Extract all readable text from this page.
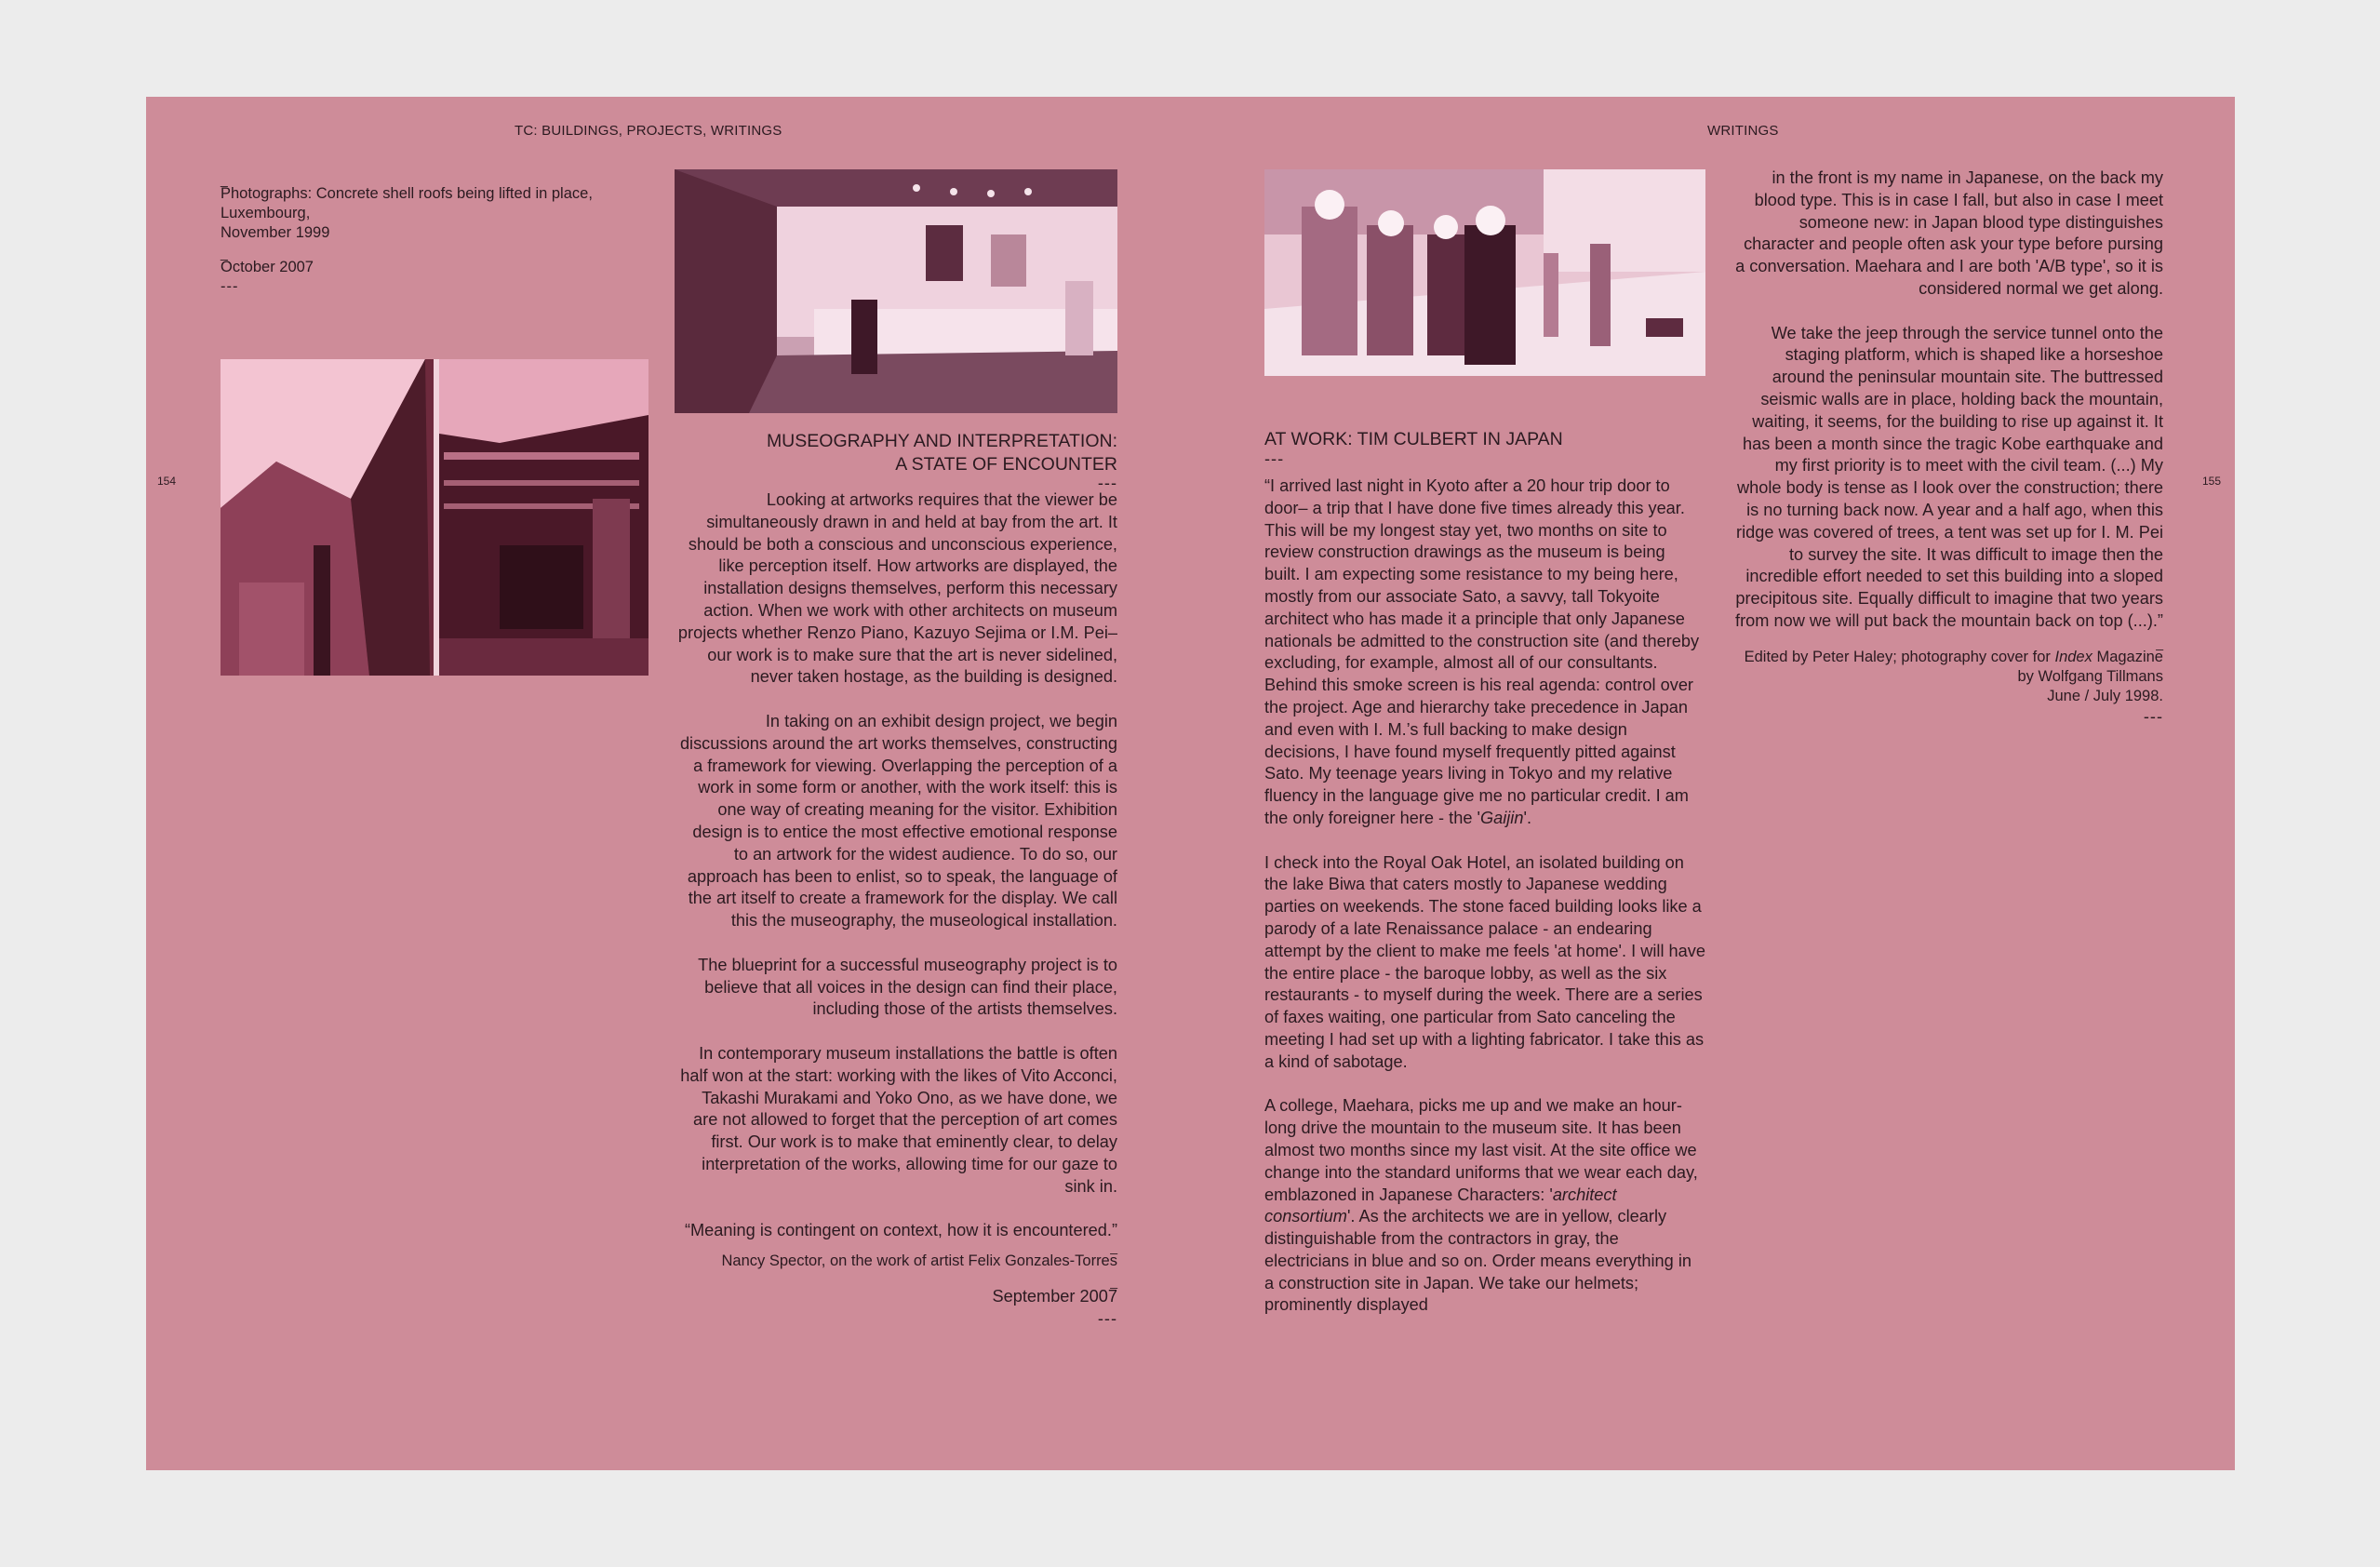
TC: BUILDINGS, PROJECTS, WRITINGS	WRITINGS
154	155
_
Photographs: Concrete shell roofs being lifted in place,
Luxembourg,
November 1999
_
October 2007
---
MUSEOGRAPHY AND INTERPRETATION:
A STATE OF ENCOUNTER
---

Looking at artworks requires that the viewer be simultaneously drawn in and held at bay from the art. It should be both a conscious and unconscious experience, like perception itself. How artworks are displayed, the installation designs themselves, perform this necessary action. When we work with other architects on museum projects whether Renzo Piano, Kazuyo Sejima or I.M. Pei– our work is to make sure that the art is never sidelined, never taken hostage, as the building is designed.

In taking on an exhibit design project, we begin discussions around the art works themselves, constructing a framework for viewing. Overlapping the perception of a work in some form or another, with the work itself: this is one way of creating meaning for the visitor. Exhibition design is to entice the most effective emotional response to an artwork for the widest audience. To do so, our approach has been to enlist, so to speak, the language of the art itself to create a framework for the display. We call this the museography, the museological installation.

The blueprint for a successful museography project is to believe that all voices in the design can find their place, including those of the artists themselves.

In contemporary museum installations the battle is often half won at the start: working with the likes of Vito Acconci, Takashi Murakami and Yoko Ono, as we have done, we are not allowed to forget that the perception of art comes first. Our work is to make that eminently clear, to delay interpretation of the works, allowing time for our gaze to sink in.

“Meaning is contingent on context, how it is encountered.”
_
Nancy Spector, on the work of artist Felix Gonzales-Torres
_
September 2007
---
AT WORK: TIM CULBERT IN JAPAN
---

“I arrived last night in Kyoto after a 20 hour trip door to door– a trip that I have done five times already this year. This will be my longest stay yet, two months on site to review construction drawings as the museum is being built. I am expecting some resistance to my being here, mostly from our associate Sato, a savvy, tall Tokyoite architect who has made it a principle that only Japanese nationals be admitted to the construction site (and thereby excluding, for example, almost all of our consultants. Behind this smoke screen is his real agenda: control over the project. Age and hierarchy take precedence in Japan and even with I. M.’s full backing to make design decisions, I have found myself frequently pitted against Sato. My teenage years living in Tokyo and my relative fluency in the language give me no particular credit. I am the only foreigner here - the 'Gaijin'.

I check into the Royal Oak Hotel, an isolated building on the lake Biwa that caters mostly to Japanese wedding parties on weekends. The stone faced building looks like a parody of a late Renaissance palace - an endearing attempt by the client to make me feels 'at home'. I will have the entire place - the baroque lobby, as well as the six restaurants - to myself during the week. There are a series of faxes waiting, one particular from Sato canceling the meeting I had set up with a lighting fabricator. I take this as a kind of sabotage.

A college, Maehara, picks me up and we make an hour-long drive the mountain to the museum site. It has been almost two months since my last visit. At the site office we change into the standard uniforms that we wear each day, emblazoned in Japanese Characters: 'architect consortium'. As the architects we are in yellow, clearly distinguishable from the contractors in gray, the electricians in blue and so on. Order means everything in a construction site in Japan. We take our helmets; prominently displayed

in the front is my name in Japanese, on the back my blood type. This is in case I fall, but also in case I meet someone new: in Japan blood type distinguishes character and people often ask your type before pursing a conversation. Maehara and I are both 'A/B type', so it is considered normal we get along.

We take the jeep through the service tunnel onto the staging platform, which is shaped like a horseshoe around the peninsular mountain site. The buttressed seismic walls are in place, holding back the mountain, waiting, it seems, for the building to rise up against it. It has been a month since the tragic Kobe earthquake and my first priority is to meet with the civil team. (...) My whole body is tense as I look over the construction; there is no turning back now. A year and a half ago, when this ridge was covered of trees, a tent was set up for I. M. Pei to survey the site. It was difficult to image then the incredible effort needed to set this building into a sloped precipitous site. Equally difficult to imagine that two years from now we will put back the mountain back on top (...).”

_
Edited by Peter Haley; photography cover for Index Magazine by Wolfgang Tillmans
June / July 1998.
---
